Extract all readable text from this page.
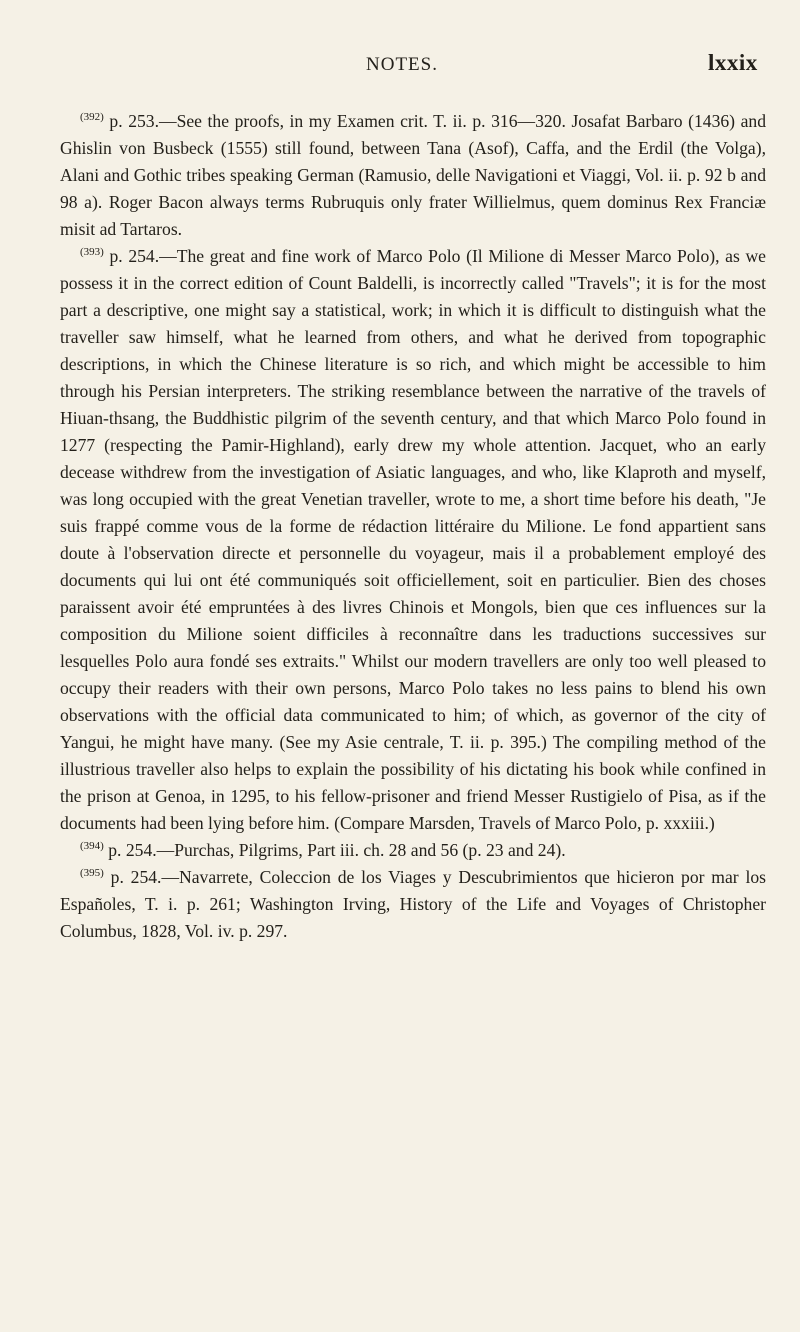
NOTES.	lxxix

$^{(392)}$ p. 253.—See the proofs, in my Examen crit. T. ii. p. 316—320. Josafat Barbaro (1436) and Ghislin von Busbeck (1555) still found, between Tana (Asof), Caffa, and the Erdil (the Volga), Alani and Gothic tribes speaking German (Ramusio, delle Navigationi et Viaggi, Vol. ii. p. 92 b and 98 a). Roger Bacon always terms Rubruquis only frater Willielmus, quem dominus Rex Franciæ misit ad Tartaros.

$^{(393)}$ p. 254.—The great and fine work of Marco Polo (Il Milione di Messer Marco Polo), as we possess it in the correct edition of Count Baldelli, is incorrectly called "Travels"; it is for the most part a descriptive, one might say a statistical, work; in which it is difficult to distinguish what the traveller saw himself, what he learned from others, and what he derived from topographic descriptions, in which the Chinese literature is so rich, and which might be accessible to him through his Persian interpreters. The striking resemblance between the narrative of the travels of Hiuan-thsang, the Buddhistic pilgrim of the seventh century, and that which Marco Polo found in 1277 (respecting the Pamir-Highland), early drew my whole attention. Jacquet, who an early decease withdrew from the investigation of Asiatic languages, and who, like Klaproth and myself, was long occupied with the great Venetian traveller, wrote to me, a short time before his death, "Je suis frappé comme vous de la forme de rédaction littéraire du Milione. Le fond appartient sans doute à l'observation directe et personnelle du voyageur, mais il a probablement employé des documents qui lui ont été communiqués soit officiellement, soit en particulier. Bien des choses paraissent avoir été empruntées à des livres Chinois et Mongols, bien que ces influences sur la composition du Milione soient difficiles à reconnaître dans les traductions successives sur lesquelles Polo aura fondé ses extraits." Whilst our modern travellers are only too well pleased to occupy their readers with their own persons, Marco Polo takes no less pains to blend his own observations with the official data communicated to him; of which, as governor of the city of Yangui, he might have many. (See my Asie centrale, T. ii. p. 395.) The compiling method of the illustrious traveller also helps to explain the possibility of his dictating his book while confined in the prison at Genoa, in 1295, to his fellow-prisoner and friend Messer Rustigielo of Pisa, as if the documents had been lying before him. (Compare Marsden, Travels of Marco Polo, p. xxxiii.)

$^{(394)}$ p. 254.—Purchas, Pilgrims, Part iii. ch. 28 and 56 (p. 23 and 24).

$^{(395)}$ p. 254.—Navarrete, Coleccion de los Viages y Descubrimientos que hicieron por mar los Españoles, T. i. p. 261; Washington Irving, History of the Life and Voyages of Christopher Columbus, 1828, Vol. iv. p. 297.
